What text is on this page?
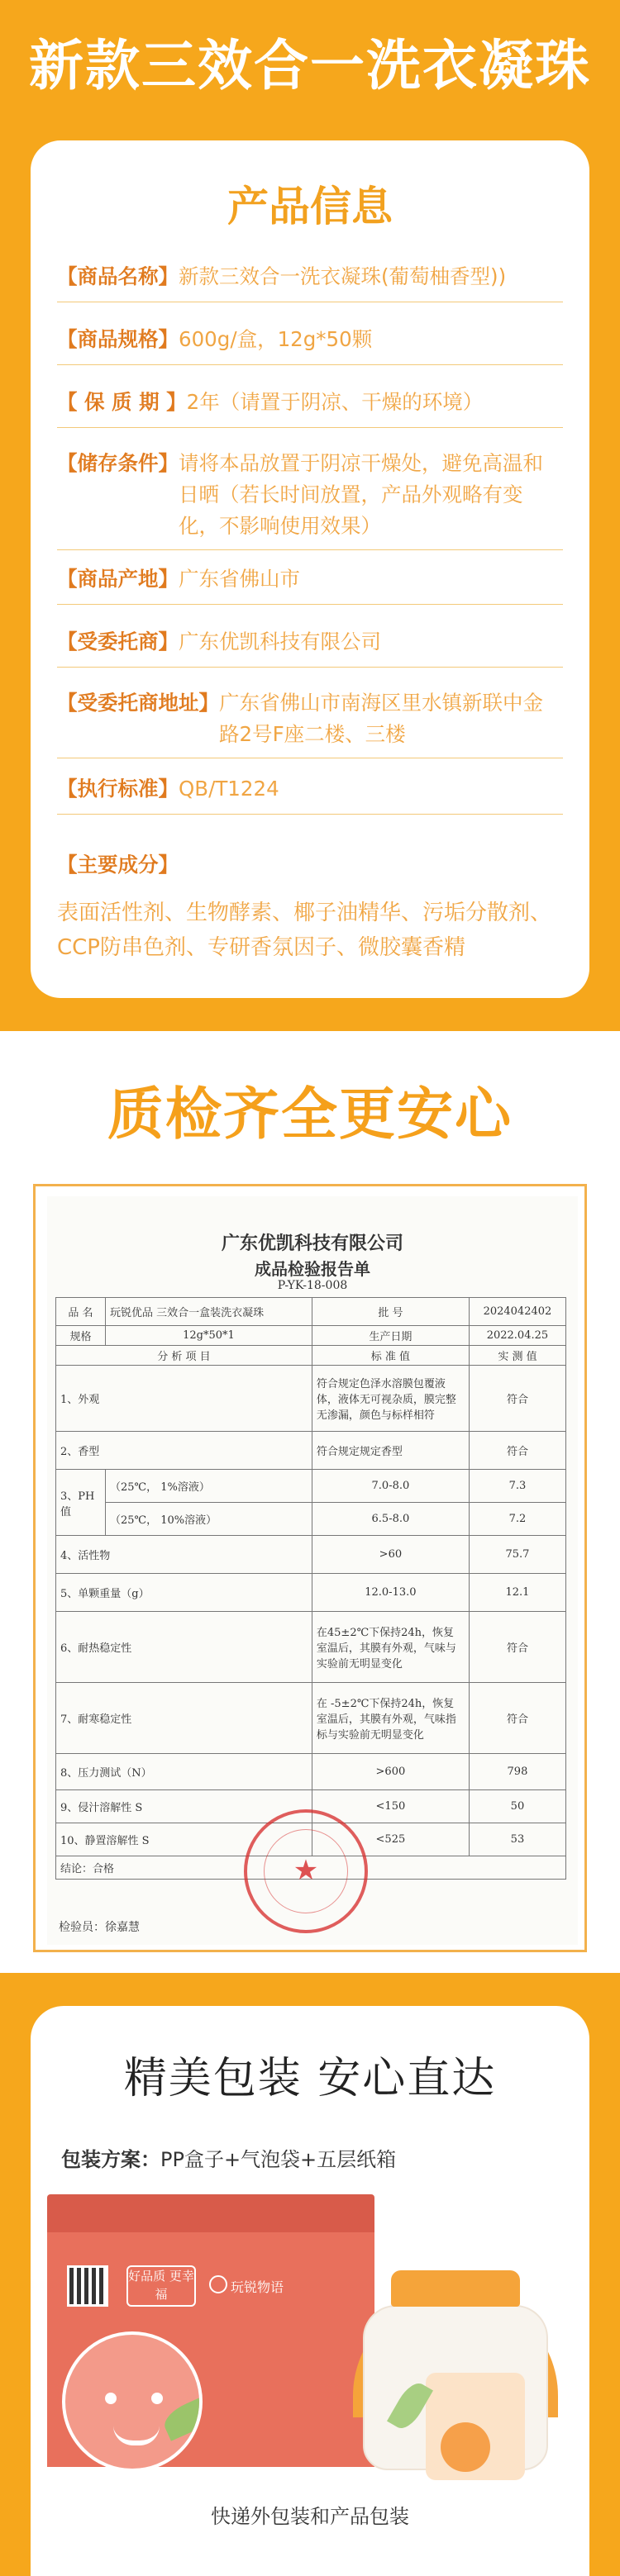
新款三效合一洗衣凝珠
产品信息
【商品名称】新款三效合一洗衣凝珠(葡萄柚香型))
【商品规格】600g/盒，12g*50颗
【 保 质 期 】2年（请置于阴凉、干燥的环境）
【储存条件】 请将本品放置于阴凉干燥处，避免高温和日晒（若长时间放置，产品外观略有变化，不影响使用效果）
【商品产地】广东省佛山市
【受委托商】广东优凯科技有限公司
【受委托商地址】 广东省佛山市南海区里水镇新联中金路2号F座二楼、三楼
【执行标准】QB/T1224
【主要成分】
表面活性剂、生物酵素、椰子油精华、污垢分散剂、CCP防串色剂、专研香氛因子、微胶囊香精
质检齐全更安心
广东优凯科技有限公司
成品检验报告单
P-YK-18-008
品 名	玩锐优品 三效合一盒装洗衣凝珠	批 号	2024042402
规格	12g*50*1	生产日期	2022.04.25
分 析 项 目		标 准 值	实 测 值
1、外观		符合规定色泽水溶膜包覆液体，液体无可视杂质，膜完整无渗漏，颜色与标样相符	符合
2、香型		符合规定规定香型	符合
3、PH值	（25℃， 1%溶液）	7.0-8.0	7.3
	（25℃， 10%溶液）	6.5-8.0	7.2
4、活性物		>60	75.7
5、单颗重量（g）		12.0-13.0	12.1
6、耐热稳定性		在45±2℃下保持24h，恢复室温后，其膜有外观，气味与实验前无明显变化	符合
7、耐寒稳定性		在 -5±2℃下保持24h，恢复室温后，其膜有外观，气味指标与实验前无明显变化	符合
8、压力测试（N）		>600	798
9、侵汁溶解性 S		<150	50
10、静置溶解性 S		<525	53
结论：合格				★
检验员：徐嘉慧
精美包装 安心直达
包装方案：PP盒子+气泡袋+五层纸箱
好品质 更幸福	玩锐物语
快递外包装和产品包装
